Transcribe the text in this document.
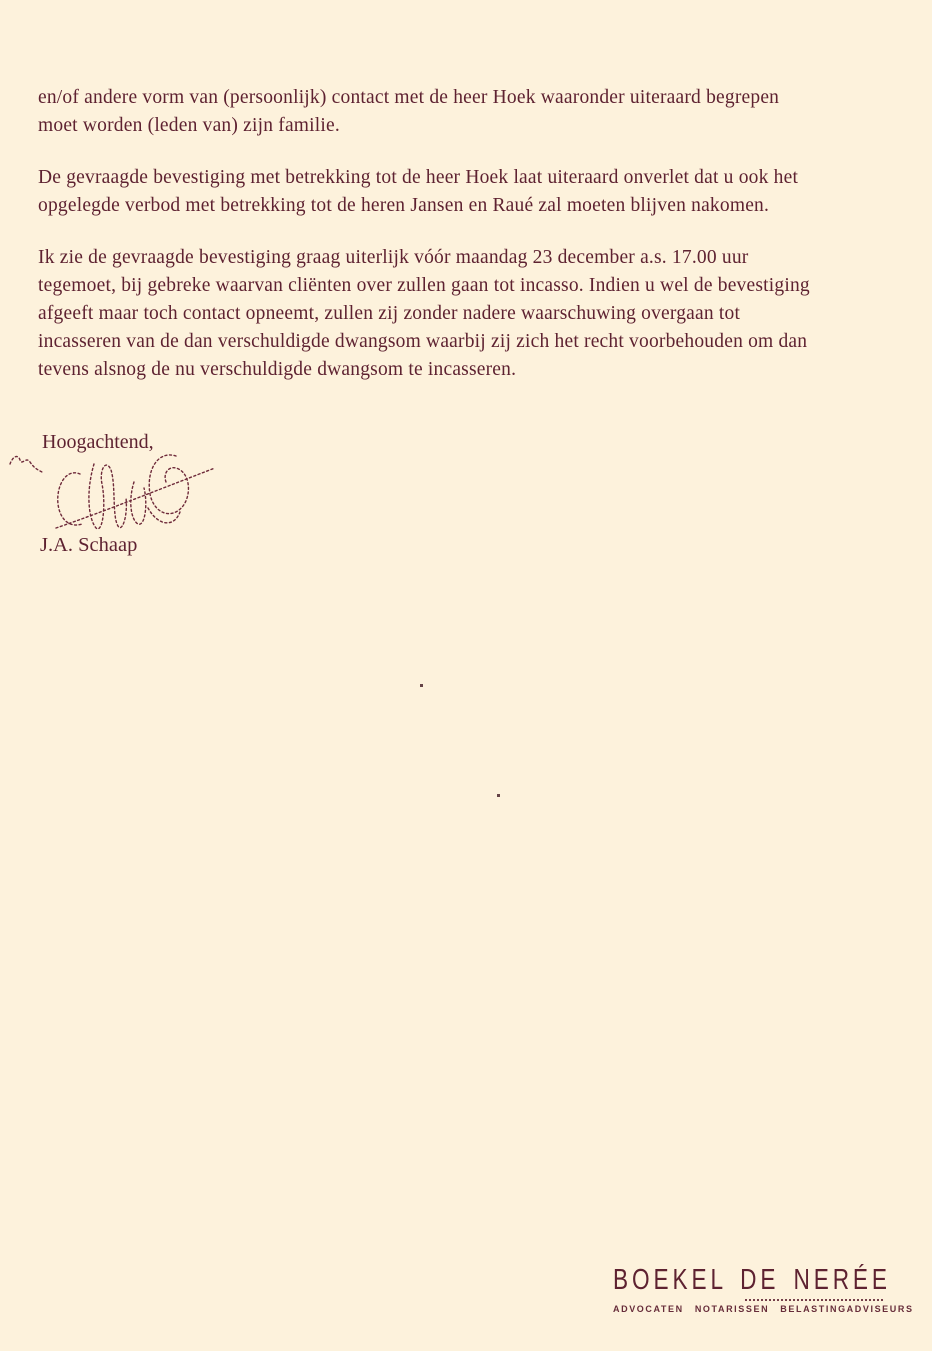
en/of andere vorm van (persoonlijk) contact met de heer Hoek waaronder uiteraard begrepen
moet worden (leden van) zijn familie.

De gevraagde bevestiging met betrekking tot de heer Hoek laat uiteraard onverlet dat u ook het
opgelegde verbod met betrekking tot de heren Jansen en Raué zal moeten blijven nakomen.

Ik zie de gevraagde bevestiging graag uiterlijk vóór maandag 23 december a.s. 17.00 uur
tegemoet, bij gebreke waarvan cliënten over zullen gaan tot incasso. Indien u wel de bevestiging
afgeeft maar toch contact opneemt, zullen zij zonder nadere waarschuwing overgaan tot
incasseren van de dan verschuldigde dwangsom waarbij zij zich het recht voorbehouden om dan
tevens alsnog de nu verschuldigde dwangsom te incasseren.

Hoogachtend,
J.A. Schaap
BOEKEL DE NERÉE
ADVOCATEN NOTARISSEN BELASTINGADVISEURS
